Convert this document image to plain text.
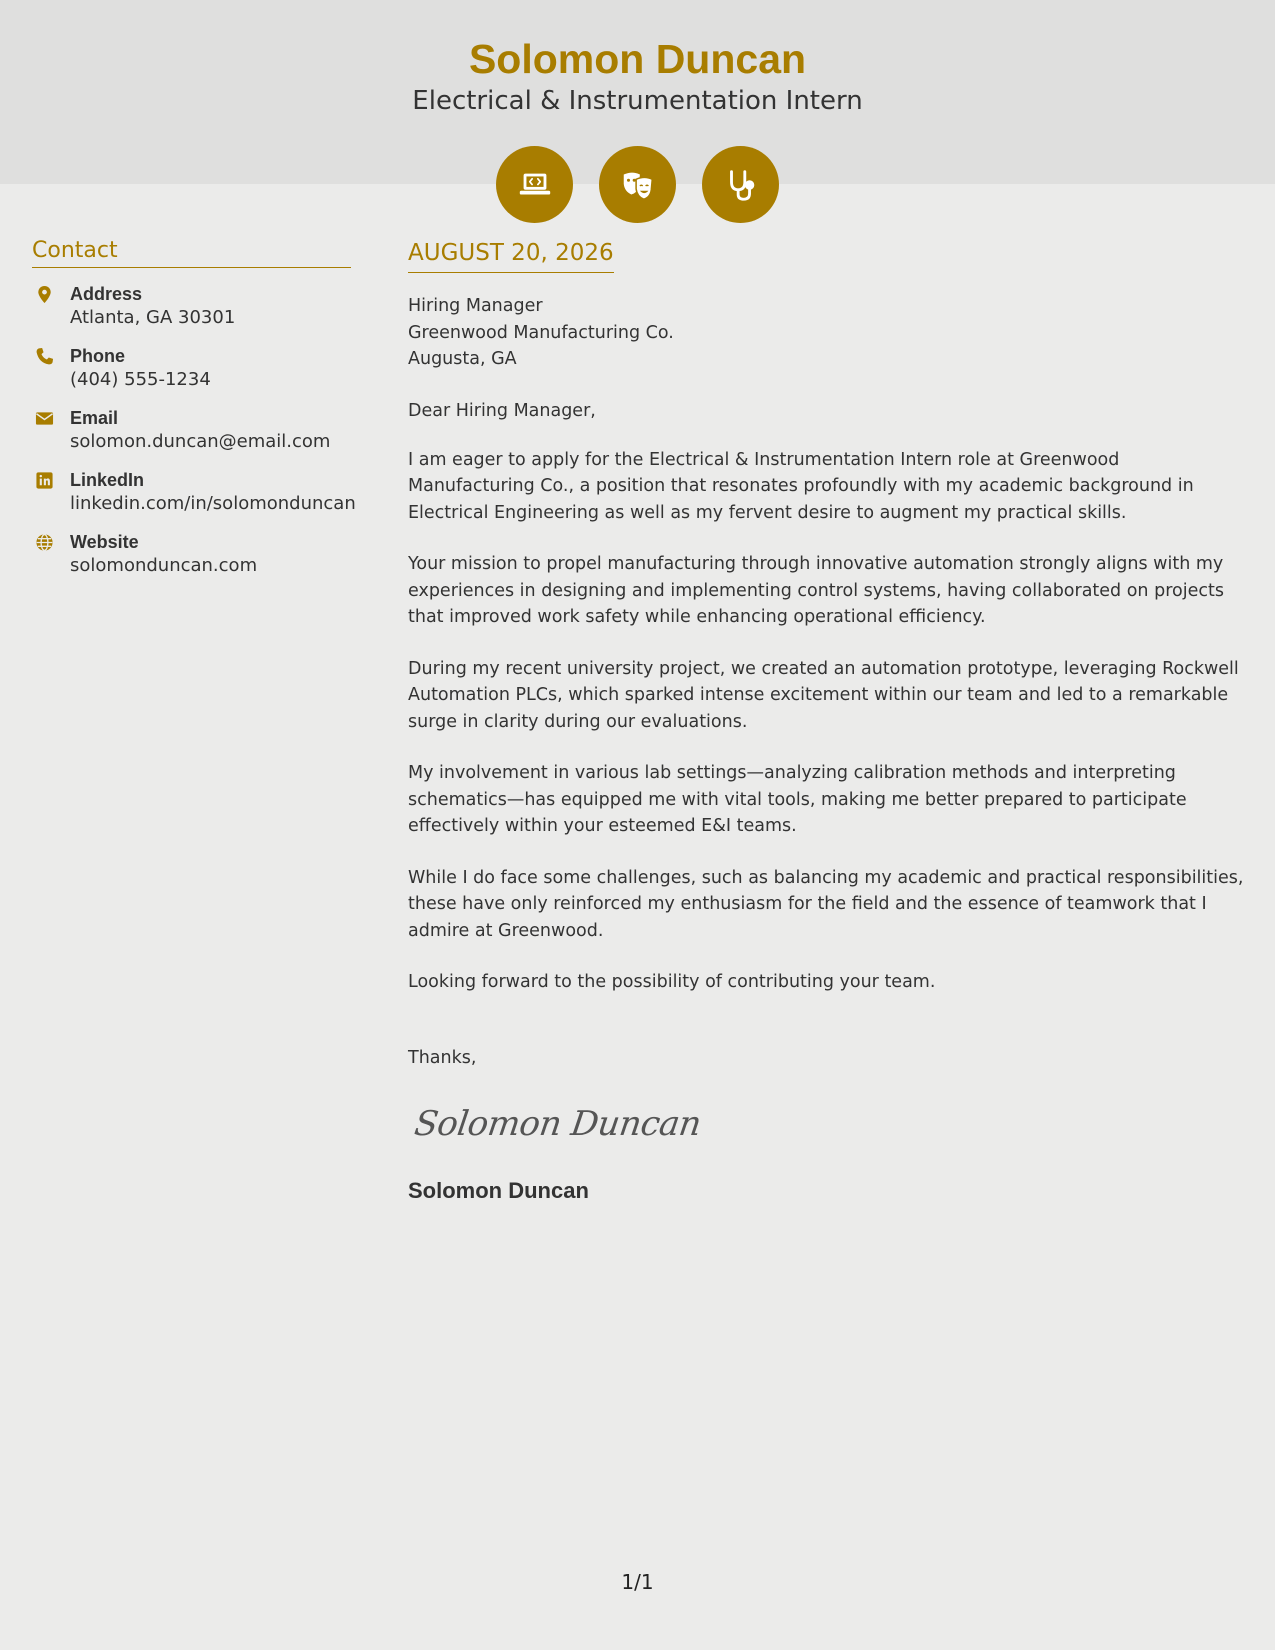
Solomon Duncan
Electrical & Instrumentation Intern
Contact
Address
Atlanta, GA 30301
Phone
(404) 555-1234
Email
solomon.duncan@email.com
LinkedIn
linkedin.com/in/solomonduncan
Website
solomonduncan.com
AUGUST 20, 2026
Hiring Manager
Greenwood Manufacturing Co.
Augusta, GA
Dear Hiring Manager,

I am eager to apply for the Electrical & Instrumentation Intern role at Greenwood Manufacturing Co., a position that resonates profoundly with my academic background in Electrical Engineering as well as my fervent desire to augment my practical skills.

Your mission to propel manufacturing through innovative automation strongly aligns with my experiences in designing and implementing control systems, having collaborated on projects that improved work safety while enhancing operational efficiency.

During my recent university project, we created an automation prototype, leveraging Rockwell Automation PLCs, which sparked intense excitement within our team and led to a remarkable surge in clarity during our evaluations.

My involvement in various lab settings—analyzing calibration methods and interpreting schematics—has equipped me with vital tools, making me better prepared to participate effectively within your esteemed E&I teams.

While I do face some challenges, such as balancing my academic and practical responsibilities, these have only reinforced my enthusiasm for the field and the essence of teamwork that I admire at Greenwood.

Looking forward to the possibility of contributing your team.

Thanks,
Solomon Duncan
Solomon Duncan
1/1
